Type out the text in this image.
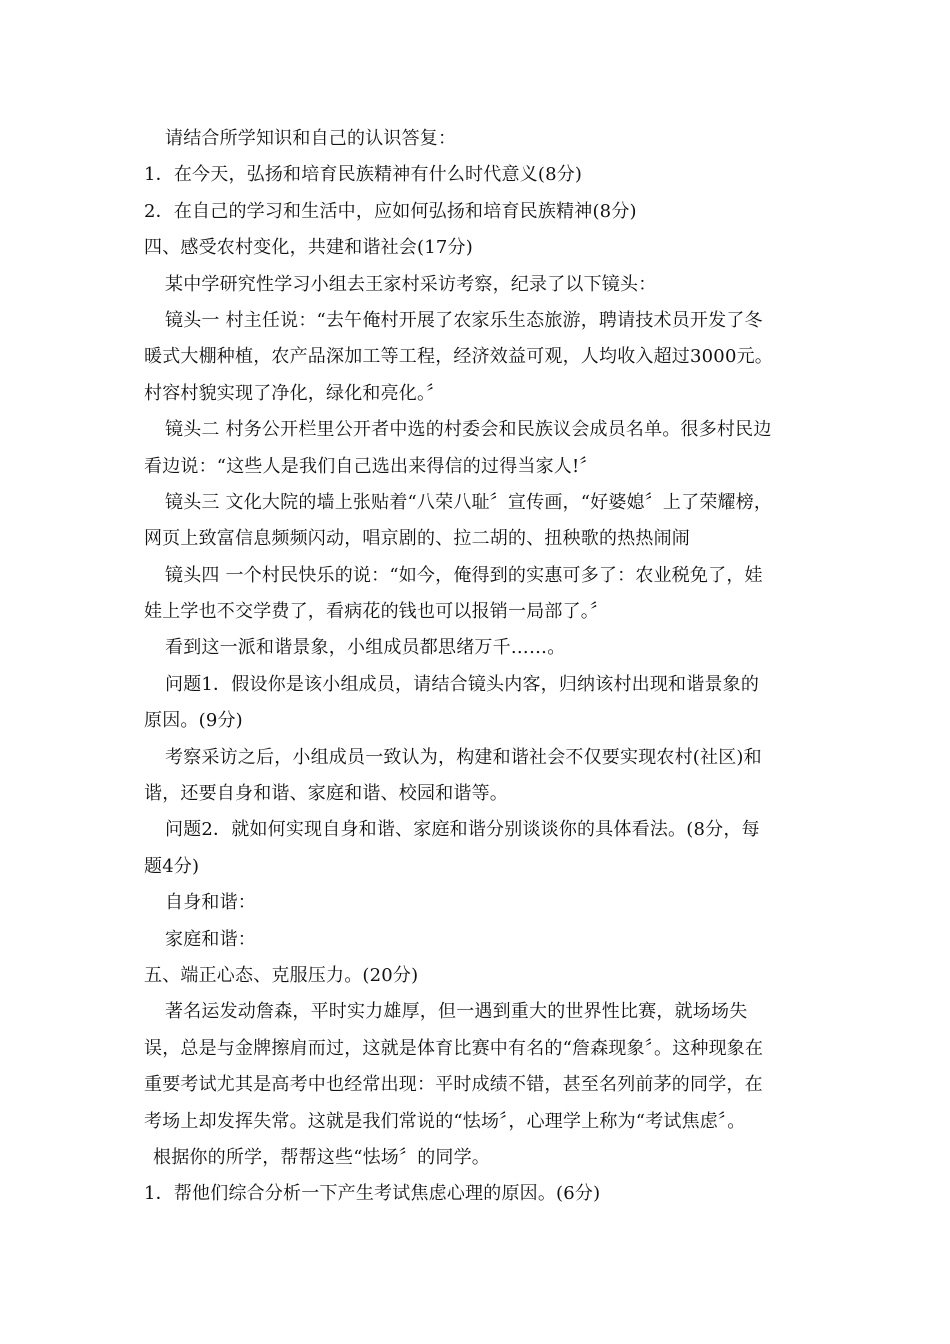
请结合所学知识和自己的认识答复：
1．在今天，弘扬和培育民族精神有什么时代意义(8分)
2．在自己的学习和生活中，应如何弘扬和培育民族精神(8分)
四、感受农村变化，共建和谐社会(17分)
某中学研究性学习小组去王家村采访考察，纪录了以下镜头：
镜头一 村主任说：“去午俺村开展了农家乐生态旅游，聘请技术员开发了冬
暖式大棚种植，农产品深加工等工程，经济效益可观，人均收入超过3000元。
村容村貌实现了净化，绿化和亮化。〞
镜头二 村务公开栏里公开者中选的村委会和民族议会成员名单。很多村民边
看边说：“这些人是我们自己选出来得信的过得当家人!〞
镜头三 文化大院的墙上张贴着“八荣八耻〞宣传画，“好婆媳〞上了荣耀榜，
网页上致富信息频频闪动，唱京剧的、拉二胡的、扭秧歌的热热闹闹
镜头四 一个村民快乐的说：“如今，俺得到的实惠可多了：农业税免了，娃
娃上学也不交学费了，看病花的钱也可以报销一局部了。〞
看到这一派和谐景象，小组成员都思绪万千……。
问题1．假设你是该小组成员，请结合镜头内客，归纳该村出现和谐景象的
原因。(9分)
考察采访之后，小组成员一致认为，构建和谐社会不仅要实现农村(社区)和
谐，还要自身和谐、家庭和谐、校园和谐等。
问题2．就如何实现自身和谐、家庭和谐分别谈谈你的具体看法。(8分，每
题4分)
自身和谐：
家庭和谐：
五、端正心态、克服压力。(20分)
著名运发动詹森，平时实力雄厚，但一遇到重大的世界性比赛，就场场失
误，总是与金牌擦肩而过，这就是体育比赛中有名的“詹森现象〞。这种现象在
重要考试尤其是高考中也经常出现：平时成绩不错，甚至名列前茅的同学，在
考场上却发挥失常。这就是我们常说的“怯场〞，心理学上称为“考试焦虑〞。
根据你的所学，帮帮这些“怯场〞的同学。
1．帮他们综合分析一下产生考试焦虑心理的原因。(6分)
